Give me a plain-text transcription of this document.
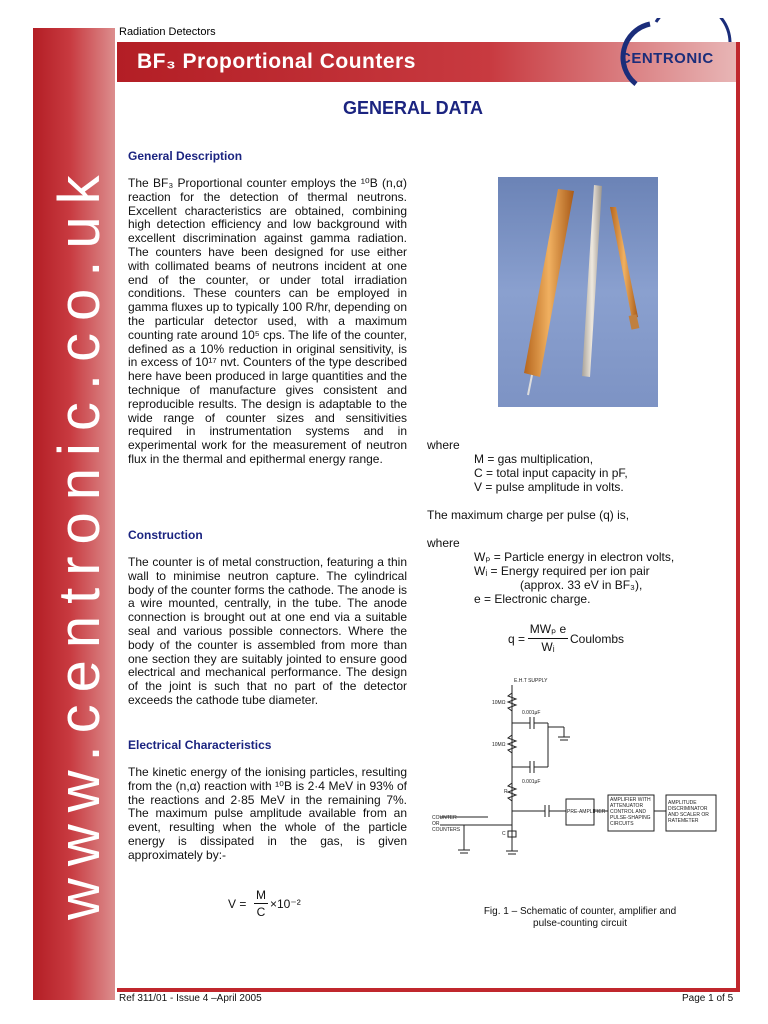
www.centronic.co.uk
Radiation Detectors
BF₃ Proportional Counters	CENTRONIC
GENERAL DATA
General Description
The BF₃ Proportional counter employs the ¹⁰B (n,α) reaction for the detection of thermal neutrons. Excellent characteristics are obtained, combining high detection efficiency and low background with excellent discrimination against gamma radiation. The counters have been designed for use either with collimated beams of neutrons incident at one end of the counter, or under total irradiation conditions. These counters can be employed in gamma fluxes up to typically 100 R/hr, depending on the particular detector used, with a maximum counting rate around 10⁵ cps. The life of the counter, defined as a 10% reduction in original sensitivity, is in excess of 10¹⁷ nvt. Counters of the type described here have been produced in large quantities and the technique of manufacture gives consistent and reproducible results. The design is adaptable to the wide range of counter sizes and sensitivities required in instrumentation systems and in experimental work for the measurement of neutron flux in the thermal and epithermal energy range.
Construction
The counter is of metal construction, featuring a thin wall to minimise neutron capture. The cylindrical body of the counter forms the cathode. The anode is a wire mounted, centrally, in the tube. The anode connection is brought out at one end via a suitable seal and various possible connectors. Where the body of the counter is assembled from more than one section they are suitably jointed to ensure good electrical and mechanical performance. The design of the joint is such that no part of the detector exceeds the cathode tube diameter.
Electrical Characteristics
The kinetic energy of the ionising particles, resulting from the (n,α) reaction with ¹⁰B is 2·4 MeV in 93% of the reactions and 2·85 MeV in the remaining 7%. The maximum pulse amplitude available from an event, resulting when the whole of the particle energy is dissipated in the gas, is given approximately by:-
V =
M
C
×10⁻²
where
M = gas multiplication,
C = total input capacity in pF,
V = pulse amplitude in volts.
The maximum charge per pulse (q) is,
where
Wₚ = Particle energy in electron volts,
Wᵢ = Energy required per ion pair
(approx. 33 eV in BF₃),
e = Electronic charge.
q =
MWₚ e
Wᵢ
Coulombs
E.H.T SUPPLY
10MΩ
0.001μF
10MΩ
0.001μF
R
C
COUNTER OR COUNTERS
PRE-AMPLIFIER
AMPLIFIER WITH ATTENUATOR CONTROL AND PULSE-SHAPING CIRCUITS
AMPLITUDE DISCRIMINATOR AND SCALER OR RATEMETER
Fig. 1 – Schematic of counter, amplifier and
pulse-counting circuit
Ref 311/01 - Issue 4 –April 2005	Page 1 of 5
